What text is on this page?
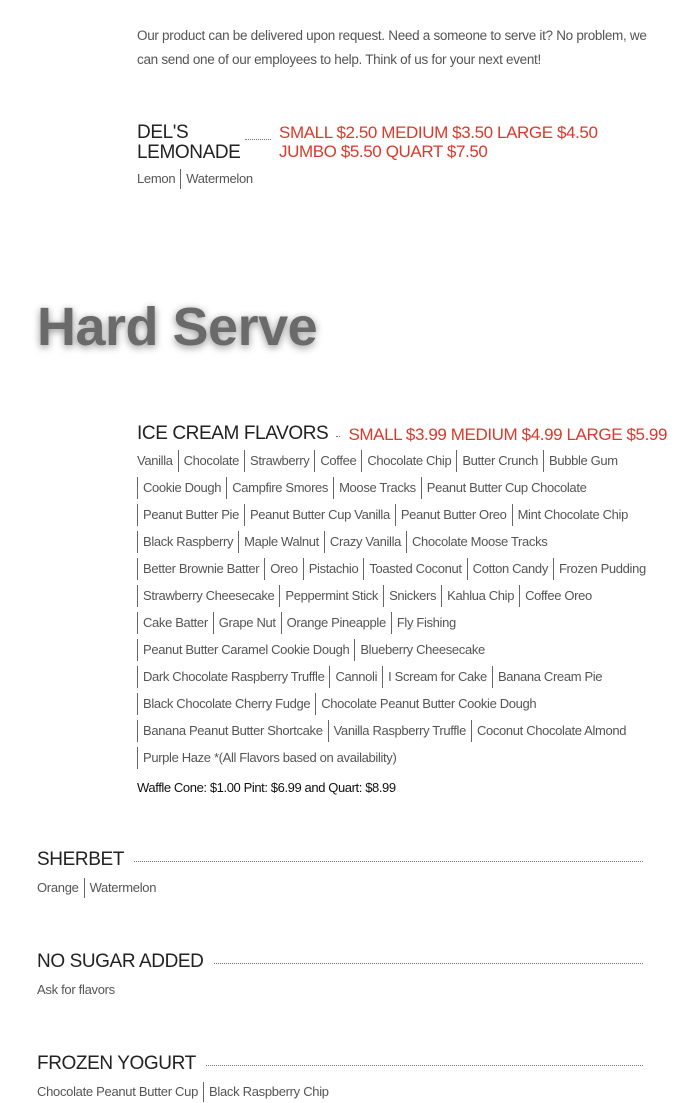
Our product can be delivered upon request. Need a someone to serve it? No problem, we can send one of our employees to help. Think of us for your next event!
DEL'S
LEMONADE
SMALL $2.50 MEDIUM $3.50 LARGE $4.50 JUMBO $5.50 QUART $7.50
Lemon Watermelon
Hard Serve
ICE CREAM FLAVORS SMALL $3.99 MEDIUM $4.99 LARGE $5.99
Vanilla Chocolate Strawberry Coffee Chocolate Chip Butter Crunch Bubble Gum
Cookie Dough Campfire Smores Moose Tracks Peanut Butter Cup Chocolate
Peanut Butter Pie Peanut Butter Cup Vanilla Peanut Butter Oreo Mint Chocolate Chip
Black Raspberry Maple Walnut Crazy Vanilla Chocolate Moose Tracks
Better Brownie Batter Oreo Pistachio Toasted Coconut Cotton Candy Frozen Pudding
Strawberry Cheesecake Peppermint Stick Snickers Kahlua Chip Coffee Oreo
Cake Batter Grape Nut Orange Pineapple Fly Fishing
Peanut Butter Caramel Cookie Dough Blueberry Cheesecake
Dark Chocolate Raspberry Truffle Cannoli I Scream for Cake Banana Cream Pie
Black Chocolate Cherry Fudge Chocolate Peanut Butter Cookie Dough
Banana Peanut Butter Shortcake Vanilla Raspberry Truffle Coconut Chocolate Almond
Purple Haze *(All Flavors based on availability)
Waffle Cone: $1.00 Pint: $6.99 and Quart: $8.99
SHERBET
Orange Watermelon
NO SUGAR ADDED
Ask for flavors
FROZEN YOGURT
Chocolate Peanut Butter Cup Black Raspberry Chip
